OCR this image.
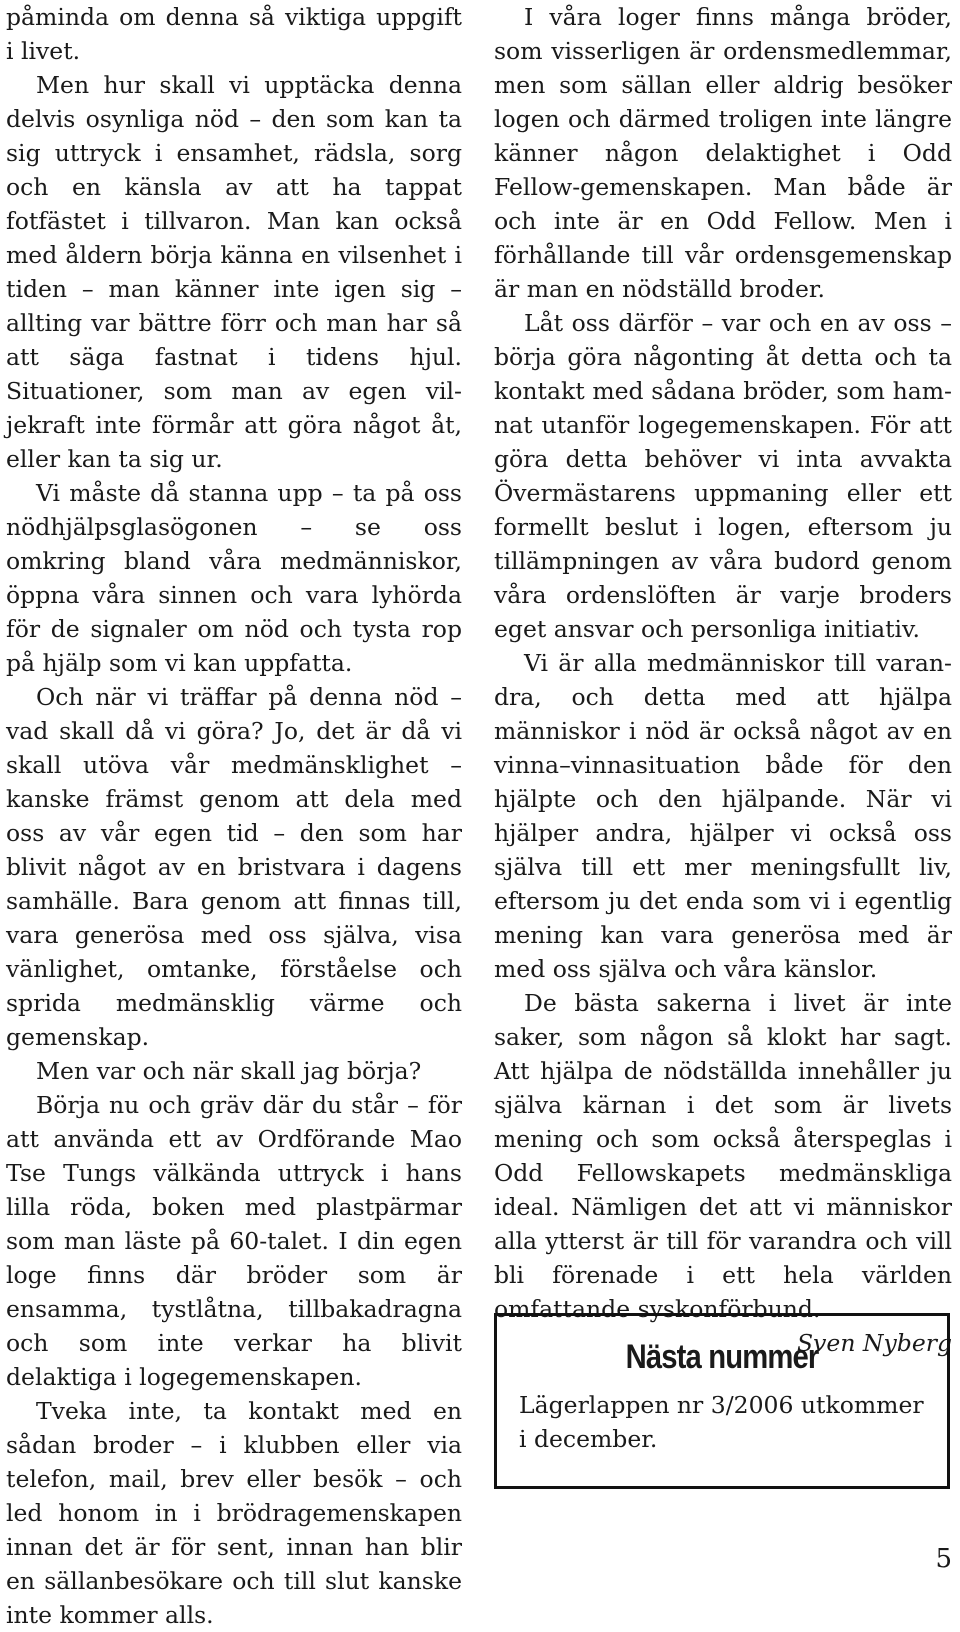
påminda om denna så viktiga uppgift i livet.

Men hur skall vi upptäcka denna delvis osynliga nöd – den som kan ta sig uttryck i ensamhet, rädsla, sorg och en känsla av att ha tappat fotfästet i tillvaron. Man kan också med åldern börja känna en vilsenhet i tiden – man känner inte igen sig – allting var bättre förr och man har så att säga fastnat i tidens hjul. Situationer, som man av egen viljekraft inte förmår att göra något åt, eller kan ta sig ur.

Vi måste då stanna upp – ta på oss nödhjälpsglasögonen – se oss omkring bland våra medmänniskor, öppna våra sinnen och vara lyhörda för de signaler om nöd och tysta rop på hjälp som vi kan uppfatta.

Och när vi träffar på denna nöd – vad skall då vi göra? Jo, det är då vi skall utöva vår medmänsklighet – kanske främst genom att dela med oss av vår egen tid – den som har blivit något av en bristvara i dagens samhälle. Bara genom att finnas till, vara generösa med oss själva, visa vänlighet, omtanke, förståelse och sprida medmänsklig värme och gemenskap.

Men var och när skall jag börja?

Börja nu och gräv där du står – för att använda ett av Ordförande Mao Tse Tungs välkända uttryck i hans lilla röda, boken med plastpärmar som man läste på 60-talet. I din egen loge finns där bröder som är ensamma, tystlåtna, tillbakadragna och som inte verkar ha blivit delaktiga i logegemenskapen.

Tveka inte, ta kontakt med en sådan broder – i klubben eller via telefon, mail, brev eller besök – och led honom in i brödragemenskapen innan det är för sent, innan han blir en sällanbesökare och till slut kanske inte kommer alls.

I våra loger finns många bröder, som visserligen är ordensmedlemmar, men som sällan eller aldrig besöker logen och därmed troligen inte längre känner någon delaktighet i Odd Fellow-gemenskapen. Man både är och inte är en Odd Fellow. Men i förhållande till vår ordensgemenskap är man en nödställd broder.

Låt oss därför – var och en av oss – börja göra någonting åt detta och ta kontakt med sådana bröder, som hamnat utanför logegemenskapen. För att göra detta behöver vi inta avvakta Övermästarens uppmaning eller ett formellt beslut i logen, eftersom ju tillämpningen av våra budord genom våra ordenslöften är varje broders eget ansvar och personliga initiativ.

Vi är alla medmänniskor till varandra, och detta med att hjälpa människor i nöd är också något av en vinna–vinnasituation både för den hjälpte och den hjälpande. När vi hjälper andra, hjälper vi också oss själva till ett mer meningsfullt liv, eftersom ju det enda som vi i egentlig mening kan vara generösa med är med oss själva och våra känslor.

De bästa sakerna i livet är inte saker, som någon så klokt har sagt. Att hjälpa de nödställda innehåller ju själva kärnan i det som är livets mening och som också återspeglas i Odd Fellowskapets medmänskliga ideal. Nämligen det att vi människor alla ytterst är till för varandra och vill bli förenade i ett hela världen omfattande syskonförbund.

Sven Nyberg

Nästa nummer
Lägerlappen nr 3/2006 utkommer i december.
5
